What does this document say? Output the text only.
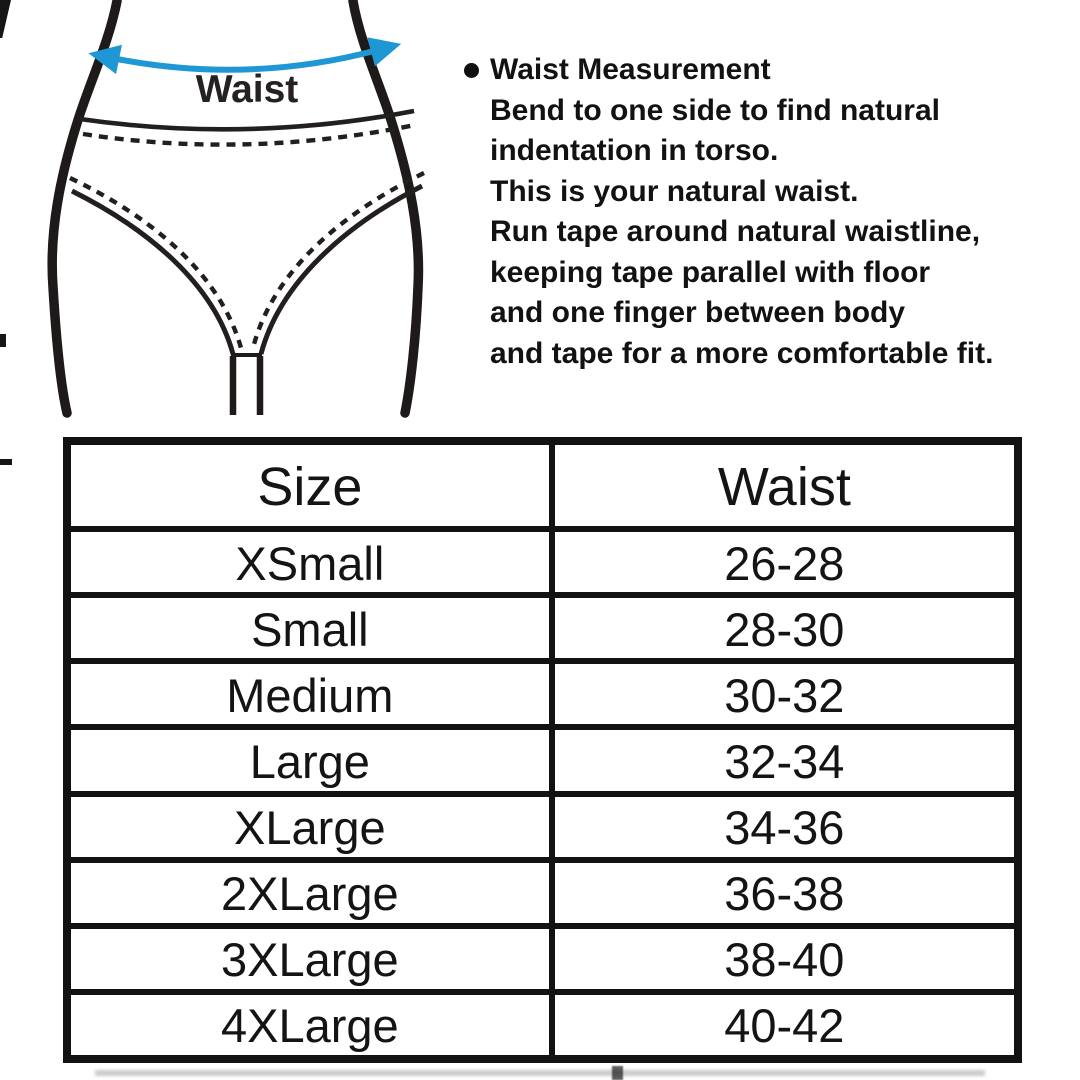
Waist	Waist Measurement
Bend to one side to find natural
indentation in torso.
This is your natural waist.
Run tape around natural waistline,
keeping tape parallel with floor
and one finger between body
and tape for a more comfortable fit.
Size	Waist
XSmall	26-28
Small	28-30
Medium	30-32
Large	32-34
XLarge	34-36
2XLarge	36-38
3XLarge	38-40
4XLarge	40-42
